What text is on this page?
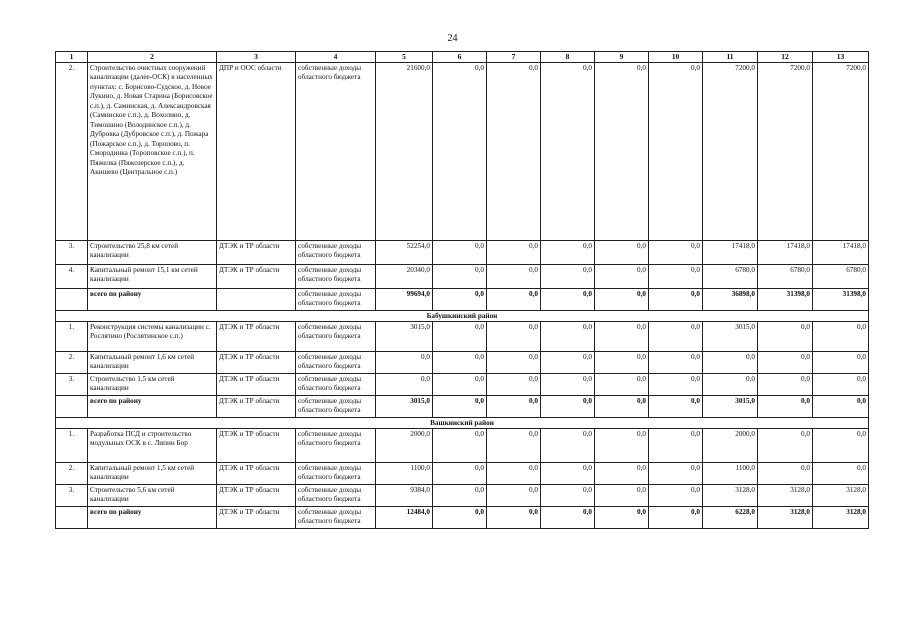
24
1	2	3	4	5	6	7	8	9	10	11	12	13
2.	Строительство очистных сооружений канализации (далее-ОСК) в населенных пунктах: с. Борисово-Судское, д. Новое Лукино, д. Новая Старина (Борисовское с.п.), д. Саминская, д. Александровская (Саминское с.п.), д. Вохолино, д. Тимошино (Володинское с.п.), д. Дубровка (Дубровское с.п.), д. Пожара (Пожарское с.п.), д. Торопово, п. Смородинка (Тороповское с.п.), п. Пяжелка (Пяжозерское с.п.), д. Акишево (Центральное с.п.)	ДПР и ООС области	собственные доходы областного бюджета	21600,0	0,0	0,0	0,0	0,0	0,0	7200,0	7200,0	7200,0
3.	Строительство 25,8 км сетей канализации	ДТЭК и ТР области	собственные доходы областного бюджета	52254,0	0,0	0,0	0,0	0,0	0,0	17418,0	17418,0	17418,0
4.	Капитальный ремонт 15,1 км сетей канализации	ДТЭК и ТР области	собственные доходы областного бюджета	20340,0	0,0	0,0	0,0	0,0	0,0	6780,0	6780,0	6780,0
	всего по району		собственные доходы областного бюджета	99694,0	0,0	0,0	0,0	0,0	0,0	36898,0	31398,0	31398,0
Бабушкинский район												
1.	Реконструкция системы канализации с. Рослятино (Рослятинское с.п.)	ДТЭК и ТР области	собственные доходы областного бюджета	3015,0	0,0	0,0	0,0	0,0	0,0	3015,0	0,0	0,0
2.	Капитальный ремонт 1,6 км сетей канализации	ДТЭК и ТР области	собственные доходы областного бюджета	0,0	0,0	0,0	0,0	0,0	0,0	0,0	0,0	0,0
3.	Строительство 1,5 км сетей канализации	ДТЭК и ТР области	собственные доходы областного бюджета	0,0	0,0	0,0	0,0	0,0	0,0	0,0	0,0	0,0
	всего по району	ДТЭК и ТР области	собственные доходы областного бюджета	3015,0	0,0	0,0	0,0	0,0	0,0	3015,0	0,0	0,0
Вашкинский район												
1.	Разработка ПСД и строительство модульных ОСК в с. Липин Бор	ДТЭК и ТР области	собственные доходы областного бюджета	2000,0	0,0	0,0	0,0	0,0	0,0	2000,0	0,0	0,0
2.	Капитальный ремонт 1,5 км сетей канализации	ДТЭК и ТР области	собственные доходы областного бюджета	1100,0	0,0	0,0	0,0	0,0	0,0	1100,0	0,0	0,0
3.	Строительство 5,6 км сетей канализации	ДТЭК и ТР области	собственные доходы областного бюджета	9384,0	0,0	0,0	0,0	0,0	0,0	3128,0	3128,0	3128,0
	всего по району	ДТЭК и ТР области	собственные доходы областного бюджета	12484,0	0,0	0,0	0,0	0,0	0,0	6228,0	3128,0	3128,0
